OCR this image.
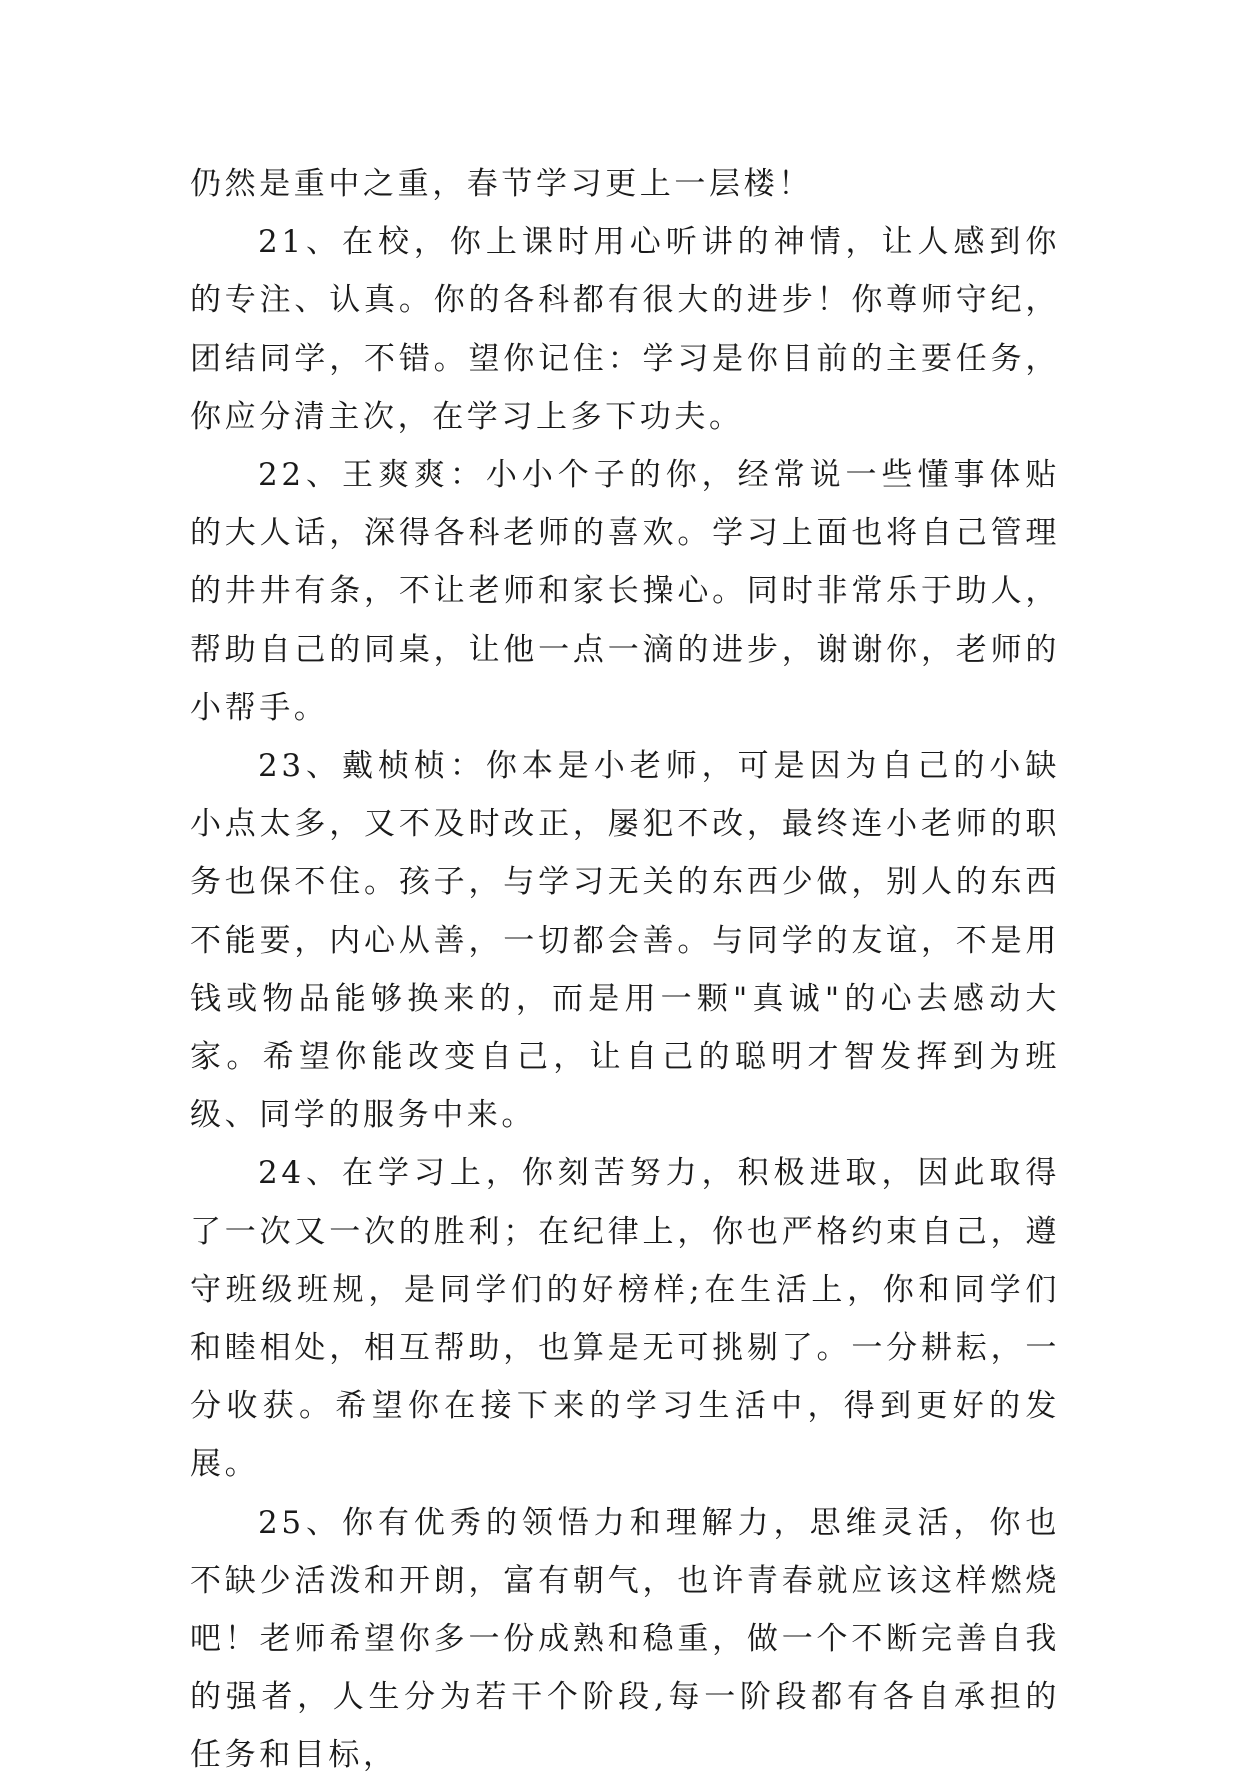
仍然是重中之重，春节学习更上一层楼！

21、在校，你上课时用心听讲的神情，让人感到你的专注、认真。你的各科都有很大的进步！你尊师守纪，团结同学，不错。望你记住：学习是你目前的主要任务，你应分清主次，在学习上多下功夫。

22、王爽爽：小小个子的你，经常说一些懂事体贴的大人话，深得各科老师的喜欢。学习上面也将自己管理的井井有条，不让老师和家长操心。同时非常乐于助人，帮助自己的同桌，让他一点一滴的进步，谢谢你，老师的小帮手。

23、戴桢桢：你本是小老师，可是因为自己的小缺小点太多，又不及时改正，屡犯不改，最终连小老师的职务也保不住。孩子，与学习无关的东西少做，别人的东西不能要，内心从善，一切都会善。与同学的友谊，不是用钱或物品能够换来的，而是用一颗"真诚"的心去感动大家。希望你能改变自己，让自己的聪明才智发挥到为班级、同学的服务中来。

24、在学习上，你刻苦努力，积极进取，因此取得了一次又一次的胜利；在纪律上，你也严格约束自己，遵守班级班规，是同学们的好榜样;在生活上，你和同学们和睦相处，相互帮助，也算是无可挑剔了。一分耕耘，一分收获。希望你在接下来的学习生活中，得到更好的发展。

25、你有优秀的领悟力和理解力，思维灵活，你也不缺少活泼和开朗，富有朝气，也许青春就应该这样燃烧吧！老师希望你多一份成熟和稳重，做一个不断完善自我的强者，人生分为若干个阶段,每一阶段都有各自承担的任务和目标，
